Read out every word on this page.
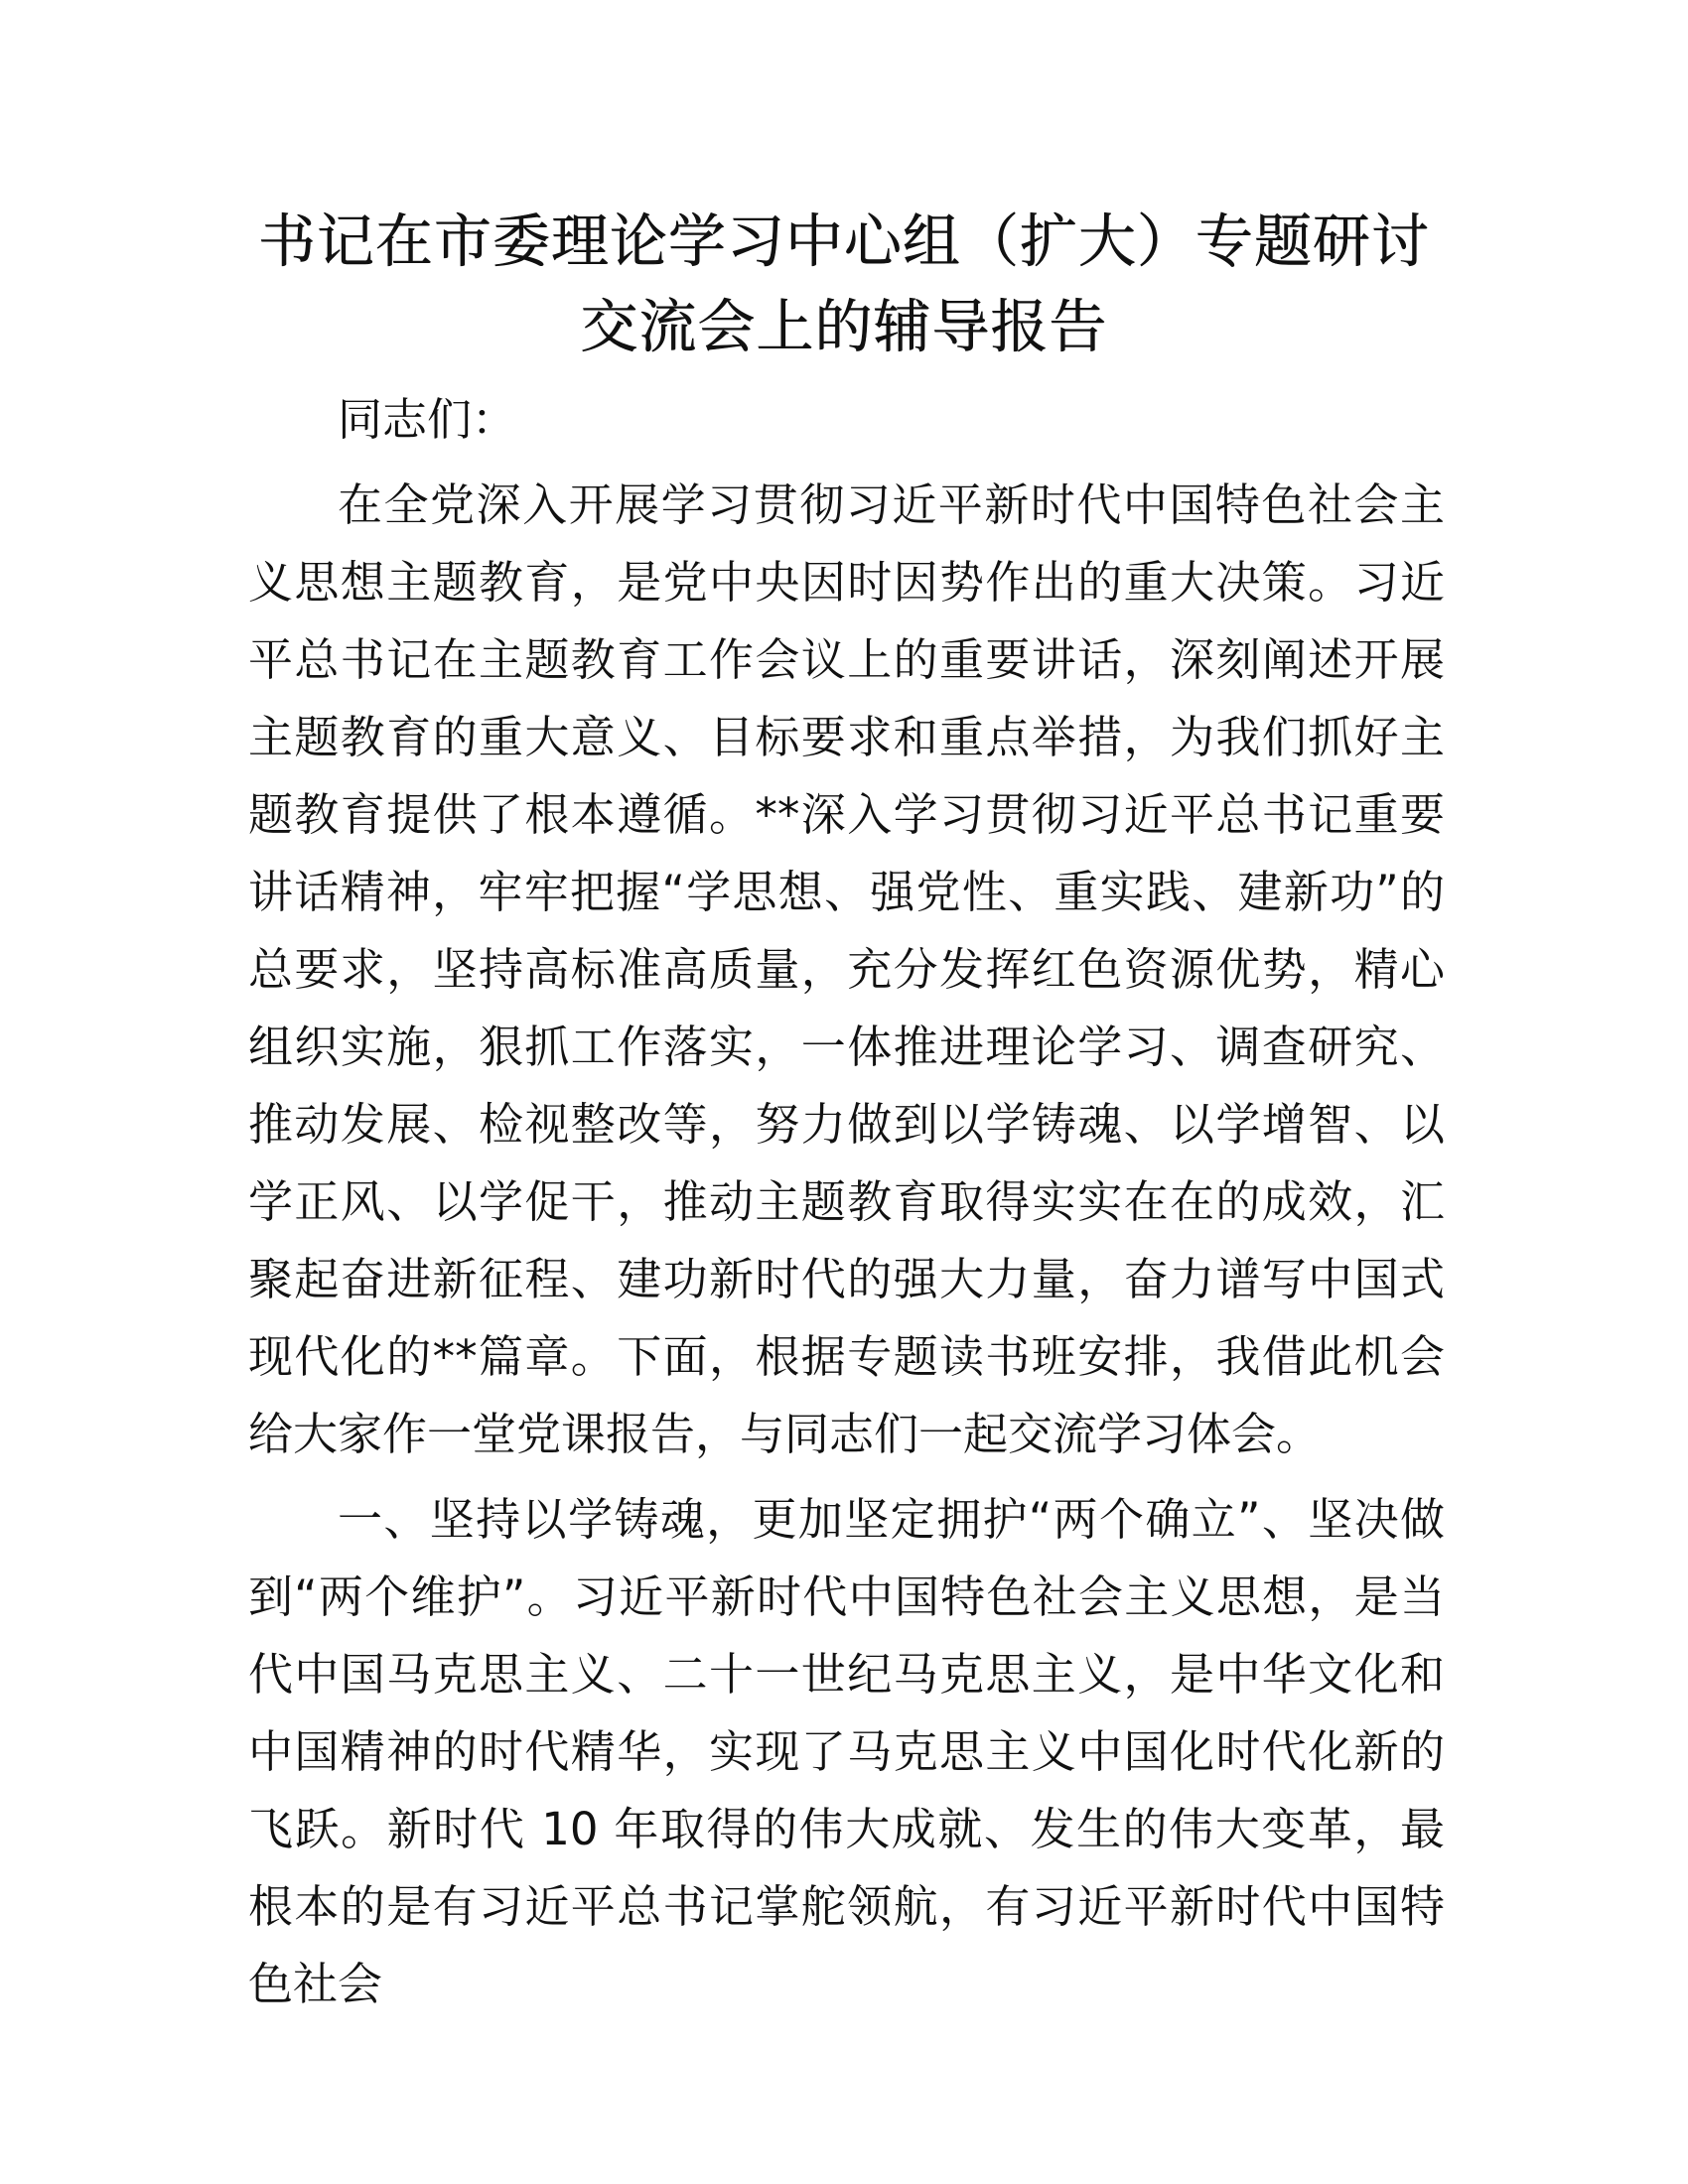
书记在市委理论学习中心组（扩大）专题研讨
交流会上的辅导报告

同志们：

在全党深入开展学习贯彻习近平新时代中国特色社会主义思想主题教育，是党中央因时因势作出的重大决策。习近平总书记在主题教育工作会议上的重要讲话，深刻阐述开展主题教育的重大意义、目标要求和重点举措，为我们抓好主题教育提供了根本遵循。**深入学习贯彻习近平总书记重要讲话精神，牢牢把握“学思想、强党性、重实践、建新功”的总要求，坚持高标准高质量，充分发挥红色资源优势，精心组织实施，狠抓工作落实，一体推进理论学习、调查研究、推动发展、检视整改等，努力做到以学铸魂、以学增智、以学正风、以学促干，推动主题教育取得实实在在的成效，汇聚起奋进新征程、建功新时代的强大力量，奋力谱写中国式现代化的**篇章。下面，根据专题读书班安排，我借此机会给大家作一堂党课报告，与同志们一起交流学习体会。

一、坚持以学铸魂，更加坚定拥护“两个确立”、坚决做到“两个维护”。习近平新时代中国特色社会主义思想，是当代中国马克思主义、二十一世纪马克思主义，是中华文化和中国精神的时代精华，实现了马克思主义中国化时代化新的飞跃。新时代 10 年取得的伟大成就、发生的伟大变革，最根本的是有习近平总书记掌舵领航，有习近平新时代中国特色社会
